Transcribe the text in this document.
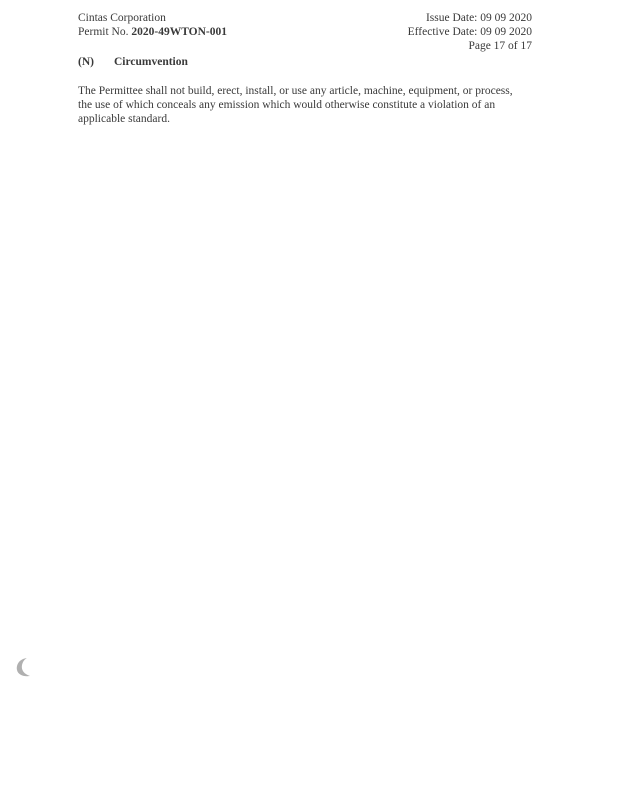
Cintas Corporation
Permit No. 2020-49WTON-001
Issue Date: 09 09 2020
Effective Date: 09 09 2020
Page 17 of 17
(N) Circumvention
The Permittee shall not build, erect, install, or use any article, machine, equipment, or process,
the use of which conceals any emission which would otherwise constitute a violation of an
applicable standard.
